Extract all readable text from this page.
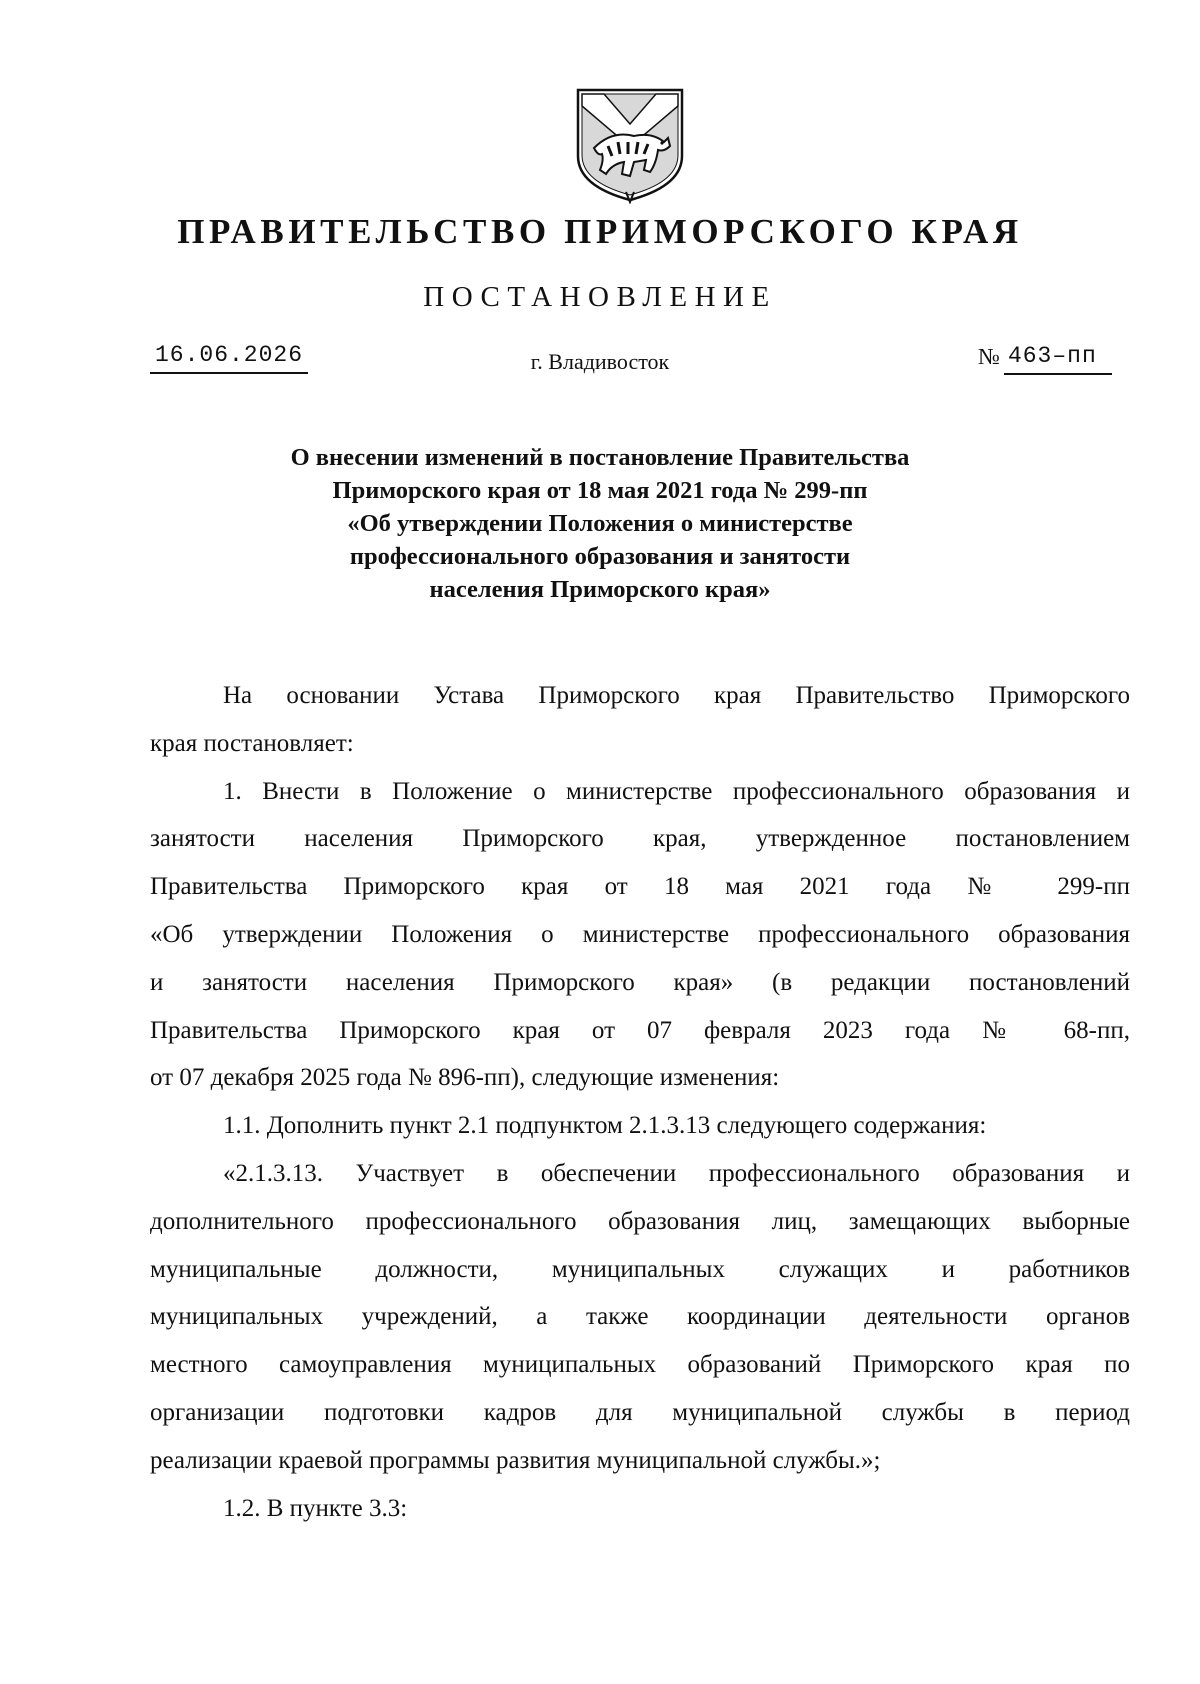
ПРАВИТЕЛЬСТВО ПРИМОРСКОГО КРАЯ
ПОСТАНОВЛЕНИЕ
16.06.2026	г. Владивосток	№ 463–пп
О внесении изменений в постановление Правительства
Приморского края от 18 мая 2021 года № 299-пп
«Об утверждении Положения о министерстве
профессионального образования и занятости
населения Приморского края»
На основании Устава Приморского края Правительство Приморского
края постановляет:
1. Внести в Положение о министерстве профессионального образования и
занятости населения Приморского края, утвержденное постановлением
Правительства Приморского края от 18 мая 2021 года № 299-пп
«Об утверждении Положения о министерстве профессионального образования
и занятости населения Приморского края» (в редакции постановлений
Правительства Приморского края от 07 февраля 2023 года № 68-пп,
от 07 декабря 2025 года № 896-пп), следующие изменения:
1.1. Дополнить пункт 2.1 подпунктом 2.1.3.13 следующего содержания:
«2.1.3.13. Участвует в обеспечении профессионального образования и
дополнительного профессионального образования лиц, замещающих выборные
муниципальные должности, муниципальных служащих и работников
муниципальных учреждений, а также координации деятельности органов
местного самоуправления муниципальных образований Приморского края по
организации подготовки кадров для муниципальной службы в период
реализации краевой программы развития муниципальной службы.»;
1.2. В пункте 3.3:
